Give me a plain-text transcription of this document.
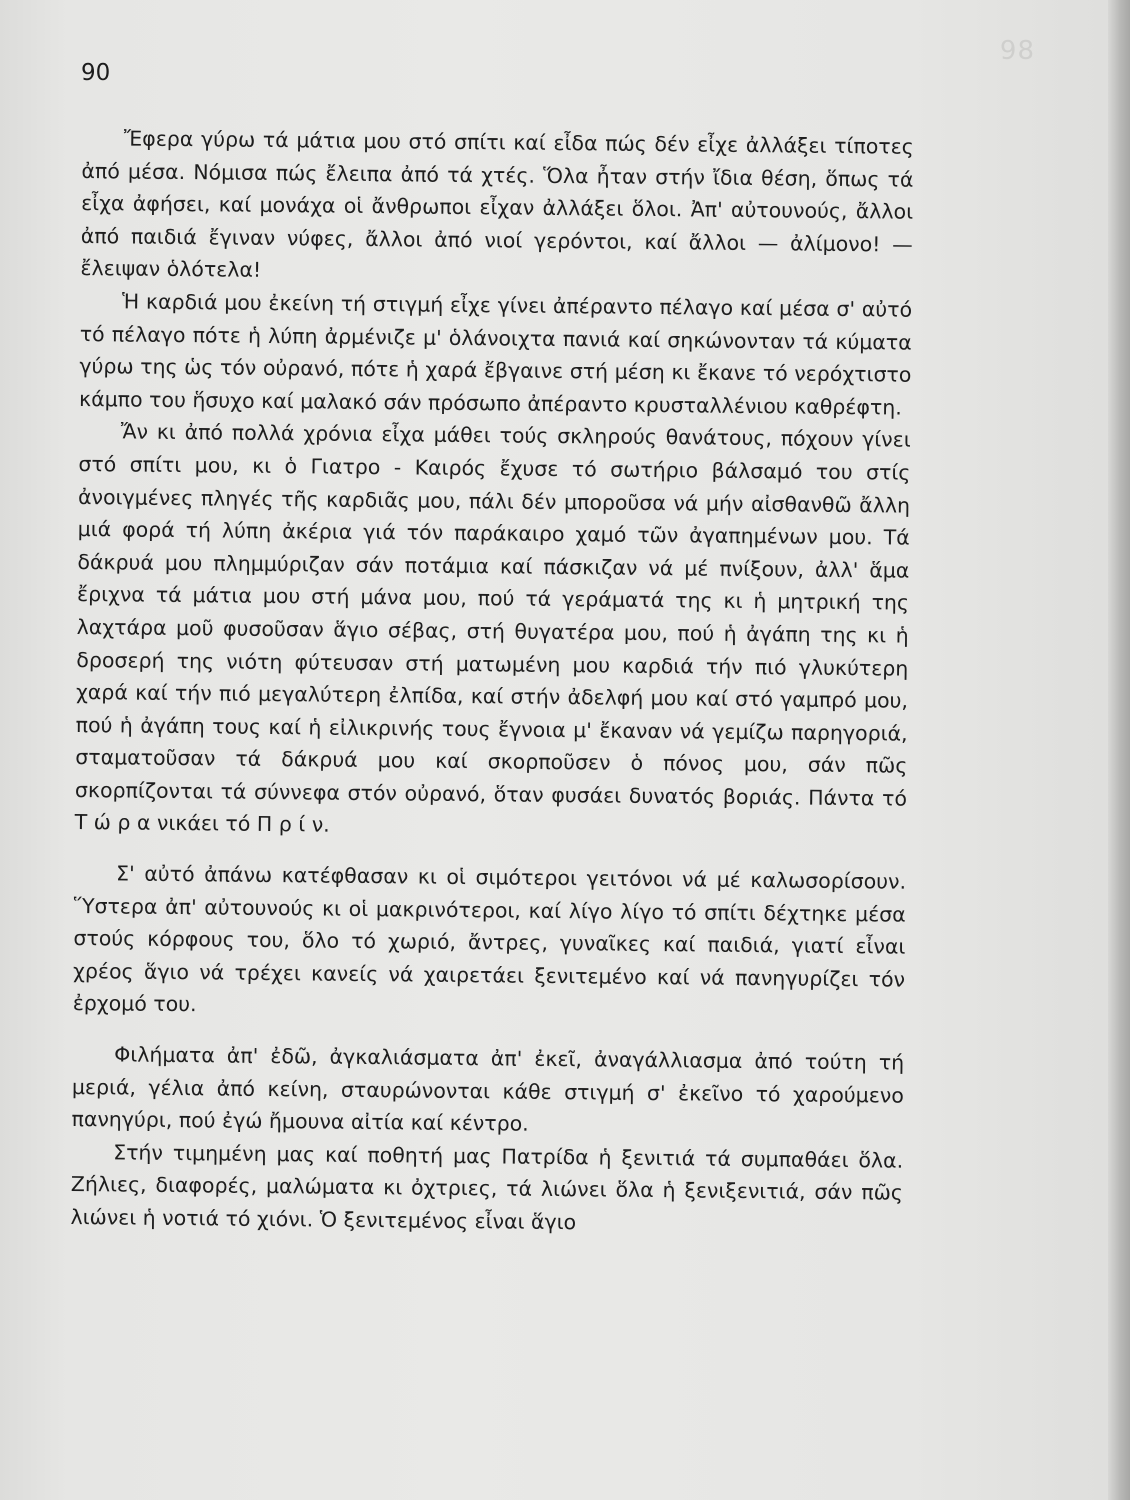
98
90

Ἔφερα γύρω τά μάτια μου στό σπίτι καί εἶδα πώς δέν εἶχε ἀλλάξει τίποτες ἀπό μέσα. Νόμισα πώς ἔλειπα ἀπό τά χτές. Ὅλα ἦταν στήν ἴδια θέση, ὅπως τά εἶχα ἀφήσει, καί μονάχα οἱ ἄνθρωποι εἶχαν ἀλλάξει ὅλοι. Ἀπ' αὐτουνούς, ἄλλοι ἀπό παιδιά ἔγιναν νύφες, ἄλλοι ἀπό νιοί γερόντοι, καί ἄλλοι — ἀλίμονο! — ἔλειψαν ὁλότελα!

Ἡ καρδιά μου ἐκείνη τή στιγμή εἶχε γίνει ἀπέραντο πέλαγο καί μέσα σ' αὐτό τό πέλαγο πότε ἡ λύπη ἀρμένιζε μ' ὁλάνοιχτα πανιά καί σηκώνονταν τά κύματα γύρω της ὡς τόν οὐρανό, πότε ἡ χαρά ἔβγαινε στή μέση κι ἔκανε τό νερόχτιστο κάμπο του ἥσυχο καί μαλακό σάν πρόσωπο ἀπέραντο κρυσταλλένιου καθρέφτη.

Ἄν κι ἀπό πολλά χρόνια εἶχα μάθει τούς σκληρούς θανάτους, πόχουν γίνει στό σπίτι μου, κι ὁ Γιατρο - Καιρός ἔχυσε τό σωτήριο βάλσαμό του στίς ἀνοιγμένες πληγές τῆς καρδιᾶς μου, πάλι δέν μποροῦσα νά μήν αἰσθανθῶ ἄλλη μιά φορά τή λύπη ἀκέρια γιά τόν παράκαιρο χαμό τῶν ἀγαπημένων μου. Τά δάκρυά μου πλημμύριζαν σάν ποτάμια καί πάσκιζαν νά μέ πνίξουν, ἀλλ' ἅμα ἔριχνα τά μάτια μου στή μάνα μου, πού τά γεράματά της κι ἡ μητρική της λαχτάρα μοῦ φυσοῦσαν ἅγιο σέβας, στή θυγατέρα μου, πού ἡ ἀγάπη της κι ἡ δροσερή της νιότη φύτευσαν στή ματωμένη μου καρδιά τήν πιό γλυκύτερη χαρά καί τήν πιό μεγαλύτερη ἐλπίδα, καί στήν ἀδελφή μου καί στό γαμπρό μου, πού ἡ ἀγάπη τους καί ἡ εἰλικρινής τους ἔγνοια μ' ἔκαναν νά γεμίζω παρηγοριά, σταματοῦσαν τά δάκρυά μου καί σκορποῦσεν ὁ πόνος μου, σάν πῶς σκορπίζονται τά σύννεφα στόν οὐρανό, ὅταν φυσάει δυνατός βοριάς. Πάντα τό Τ ώ ρ α νικάει τό Π ρ ί ν.

Σ' αὐτό ἀπάνω κατέφθασαν κι οἱ σιμότεροι γειτόνοι νά μέ καλωσορίσουν. Ὕστερα ἀπ' αὐτουνούς κι οἱ μακρινότεροι, καί λίγο λίγο τό σπίτι δέχτηκε μέσα στούς κόρφους του, ὅλο τό χωριό, ἄντρες, γυναῖκες καί παιδιά, γιατί εἶναι χρέος ἅγιο νά τρέχει κανείς νά χαιρετάει ξενιτεμένο καί νά πανηγυρίζει τόν ἐρχομό του.

Φιλήματα ἀπ' ἐδῶ, ἀγκαλιάσματα ἀπ' ἐκεῖ, ἀναγάλλιασμα ἀπό τούτη τή μεριά, γέλια ἀπό κείνη, σταυρώνονται κάθε στιγμή σ' ἐκεῖνο τό χαρούμενο πανηγύρι, πού ἐγώ ἤμουνα αἰτία καί κέντρο.

Στήν τιμημένη μας καί ποθητή μας Πατρίδα ἡ ξενιτιά τά συμπαθάει ὅλα. Ζήλιες, διαφορές, μαλώματα κι ὀχτριες, τά λιώνει ὅλα ἡ ξενιξενιτιά, σάν πῶς λιώνει ἡ νοτιά τό χιόνι. Ὁ ξενιτεμένος εἶναι ἅγιο
